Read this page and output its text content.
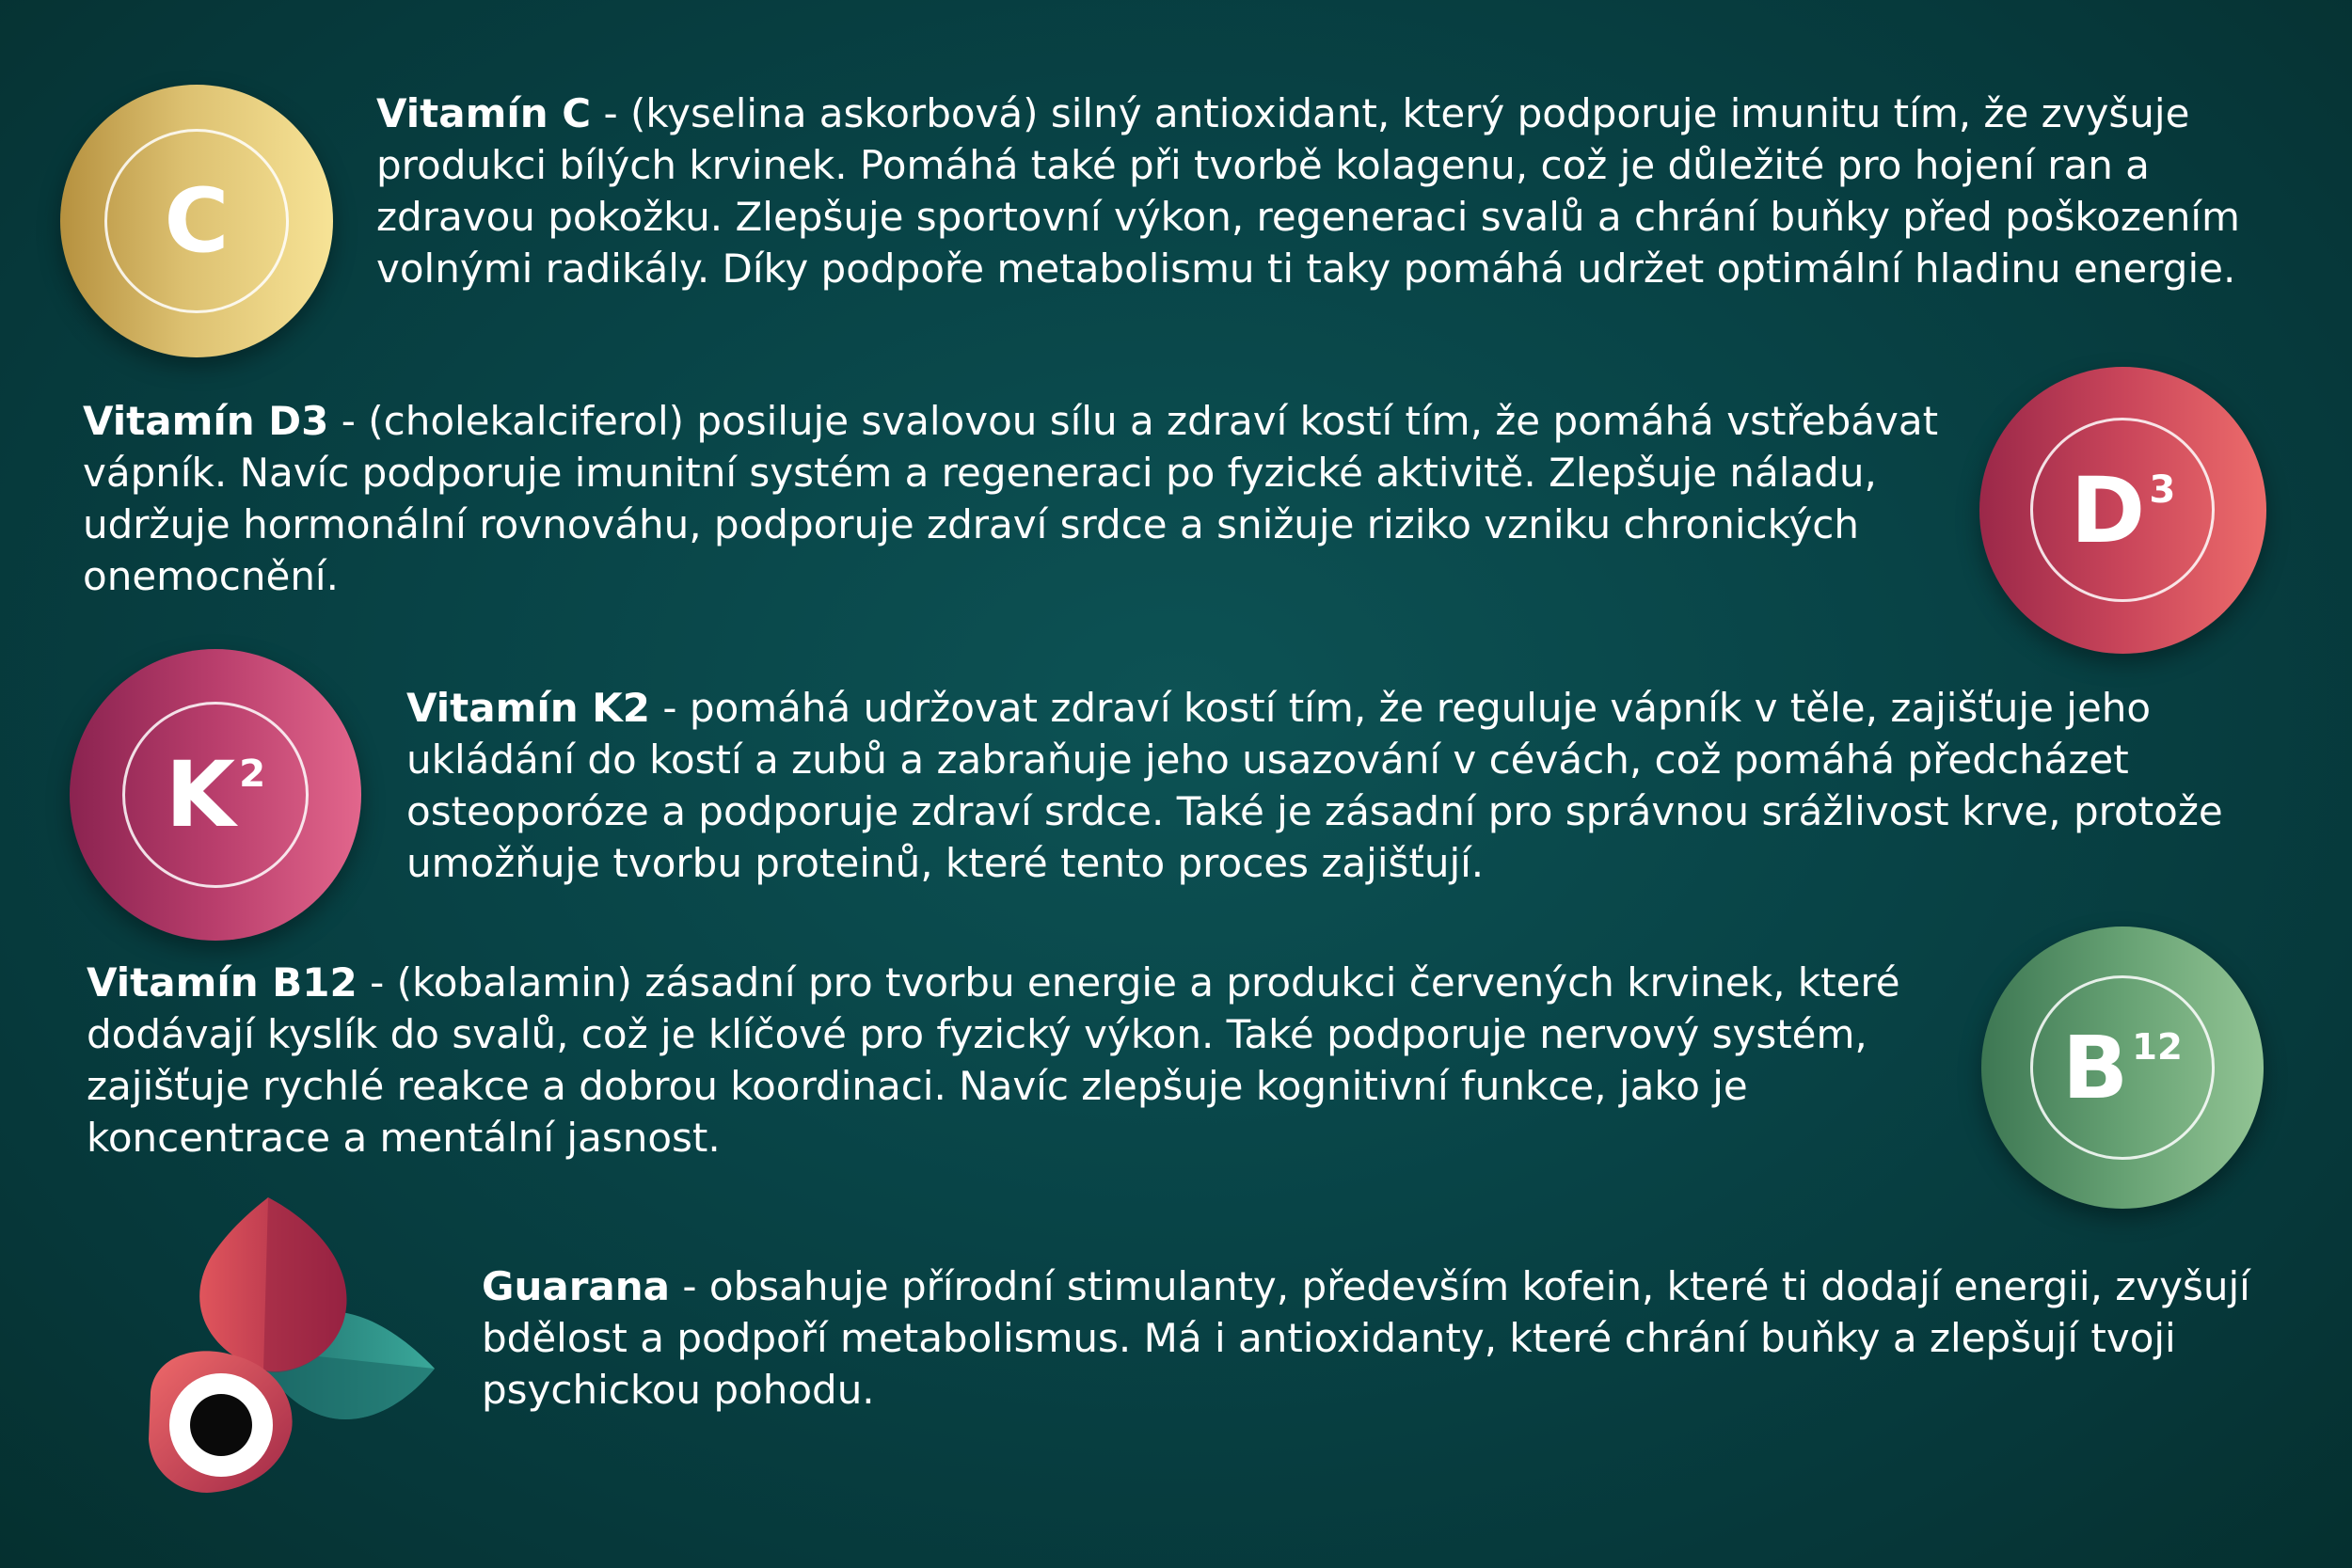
C

Vitamín C - (kyselina askorbová) silný antioxidant, který podporuje imunitu tím, že zvyšuje produkci bílých krvinek. Pomáhá také při tvorbě kolagenu, což je důležité pro hojení ran a zdravou pokožku. Zlepšuje sportovní výkon, regeneraci svalů a chrání buňky před poškozením volnými radikály. Díky podpoře metabolismu ti taky pomáhá udržet optimální hladinu energie.

Vitamín D3 - (cholekalciferol) posiluje svalovou sílu a zdraví kostí tím, že pomáhá vstřebávat vápník. Navíc podporuje imunitní systém a regeneraci po fyzické aktivitě. Zlepšuje náladu, udržuje hormonální rovnováhu, podporuje zdraví srdce a snižuje riziko vzniku chronických onemocnění.

$D^3$
$K^2$

Vitamín K2 - pomáhá udržovat zdraví kostí tím, že reguluje vápník v těle, zajišťuje jeho ukládání do kostí a zubů a zabraňuje jeho usazování v cévách, což pomáhá předcházet osteoporóze a podporuje zdraví srdce. Také je zásadní pro správnou srážlivost krve, protože umožňuje tvorbu proteinů, které tento proces zajišťují.

Vitamín B12 - (kobalamin) zásadní pro tvorbu energie a produkci červených krvinek, které dodávají kyslík do svalů, což je klíčové pro fyzický výkon. Také podporuje nervový systém, zajišťuje rychlé reakce a dobrou koordinaci. Navíc zlepšuje kognitivní funkce, jako je koncentrace a mentální jasnost.

$B^{12}$

Guarana - obsahuje přírodní stimulanty, především kofein, které ti dodají energii, zvyšují bdělost a podpoří metabolismus. Má i antioxidanty, které chrání buňky a zlepšují tvoji psychickou pohodu.
